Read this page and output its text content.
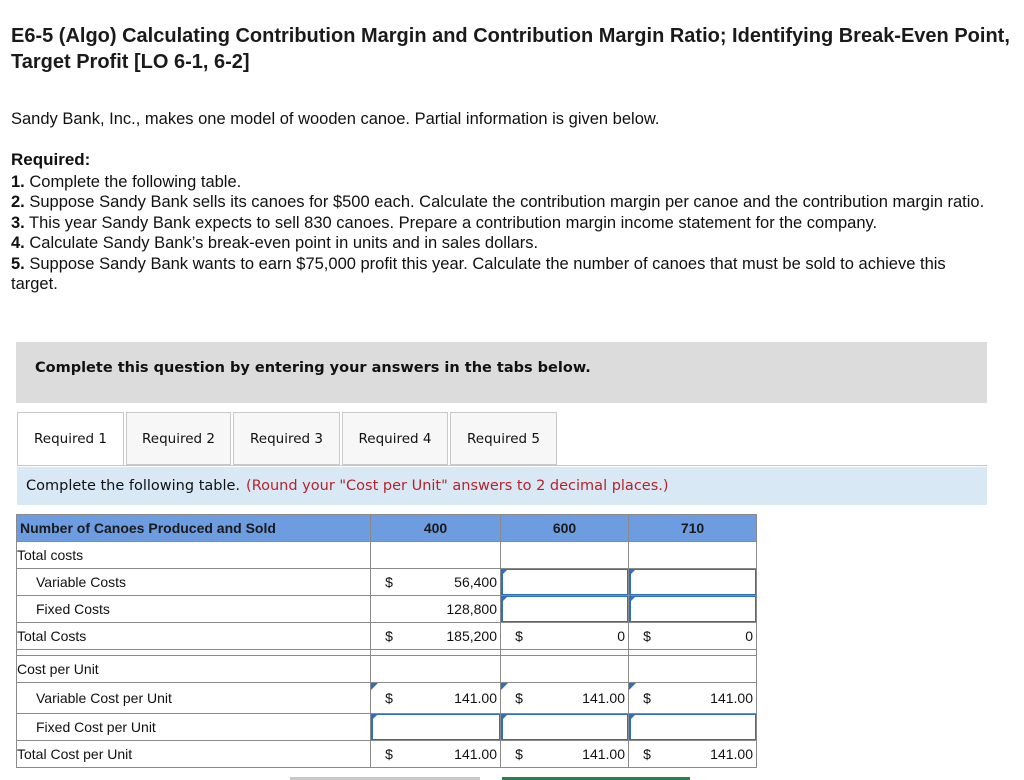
E6-5 (Algo) Calculating Contribution Margin and Contribution Margin Ratio; Identifying Break-Even Point, Target Profit [LO 6-1, 6-2]

Sandy Bank, Inc., makes one model of wooden canoe. Partial information is given below.

Required:
1. Complete the following table.
2. Suppose Sandy Bank sells its canoes for $500 each. Calculate the contribution margin per canoe and the contribution margin ratio.
3. This year Sandy Bank expects to sell 830 canoes. Prepare a contribution margin income statement for the company.
4. Calculate Sandy Bank’s break-even point in units and in sales dollars.
5. Suppose Sandy Bank wants to earn $75,000 profit this year. Calculate the number of canoes that must be sold to achieve this target.
Complete this question by entering your answers in the tabs below.
Required 1	Required 2	Required 3	Required 4	Required 5
Complete the following table. (Round your "Cost per Unit" answers to 2 decimal places.)
Number of Canoes Produced and Sold	400	600	710
Total costs			
Variable Costs	$ 56,400		

Fixed Costs	128,800		

Total Costs	$ 185,200	$ 0	$ 0

Cost per Unit			
Variable Cost per Unit	$ 141.00	$ 141.00	$ 141.00

Fixed Cost per Unit	

Total Cost per Unit	$ 141.00	$ 141.00	$ 141.00
